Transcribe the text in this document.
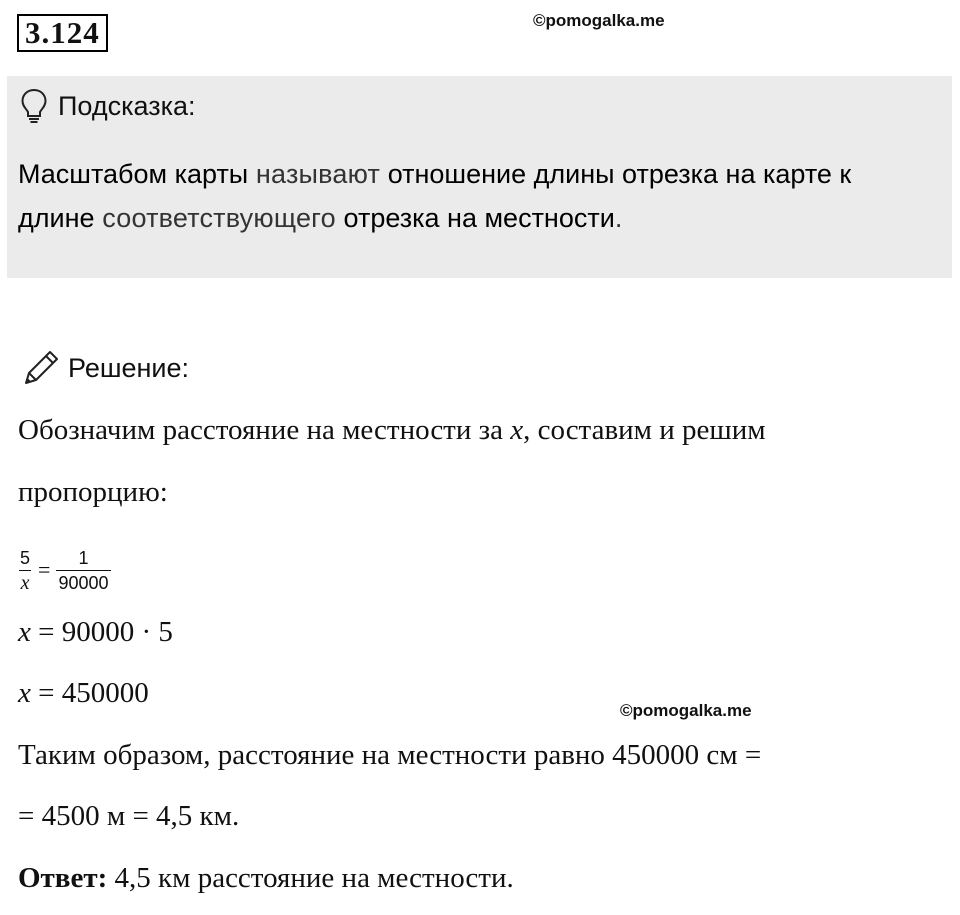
3.124	©pomogalka.me
Подсказка:
Масштабом карты называют отношение длины отрезка на карте к длине соответствующего отрезка на местности.
Решение:
Обозначим расстояние на местности за x, составим и решим
пропорцию:
$\frac{5}{x} = \frac{1}{90000}$
x = 90000 · 5
x = 450000
©pomogalka.me
Таким образом, расстояние на местности равно 450000 см =
= 4500 м = 4,5 км.
Ответ: 4,5 км расстояние на местности.
